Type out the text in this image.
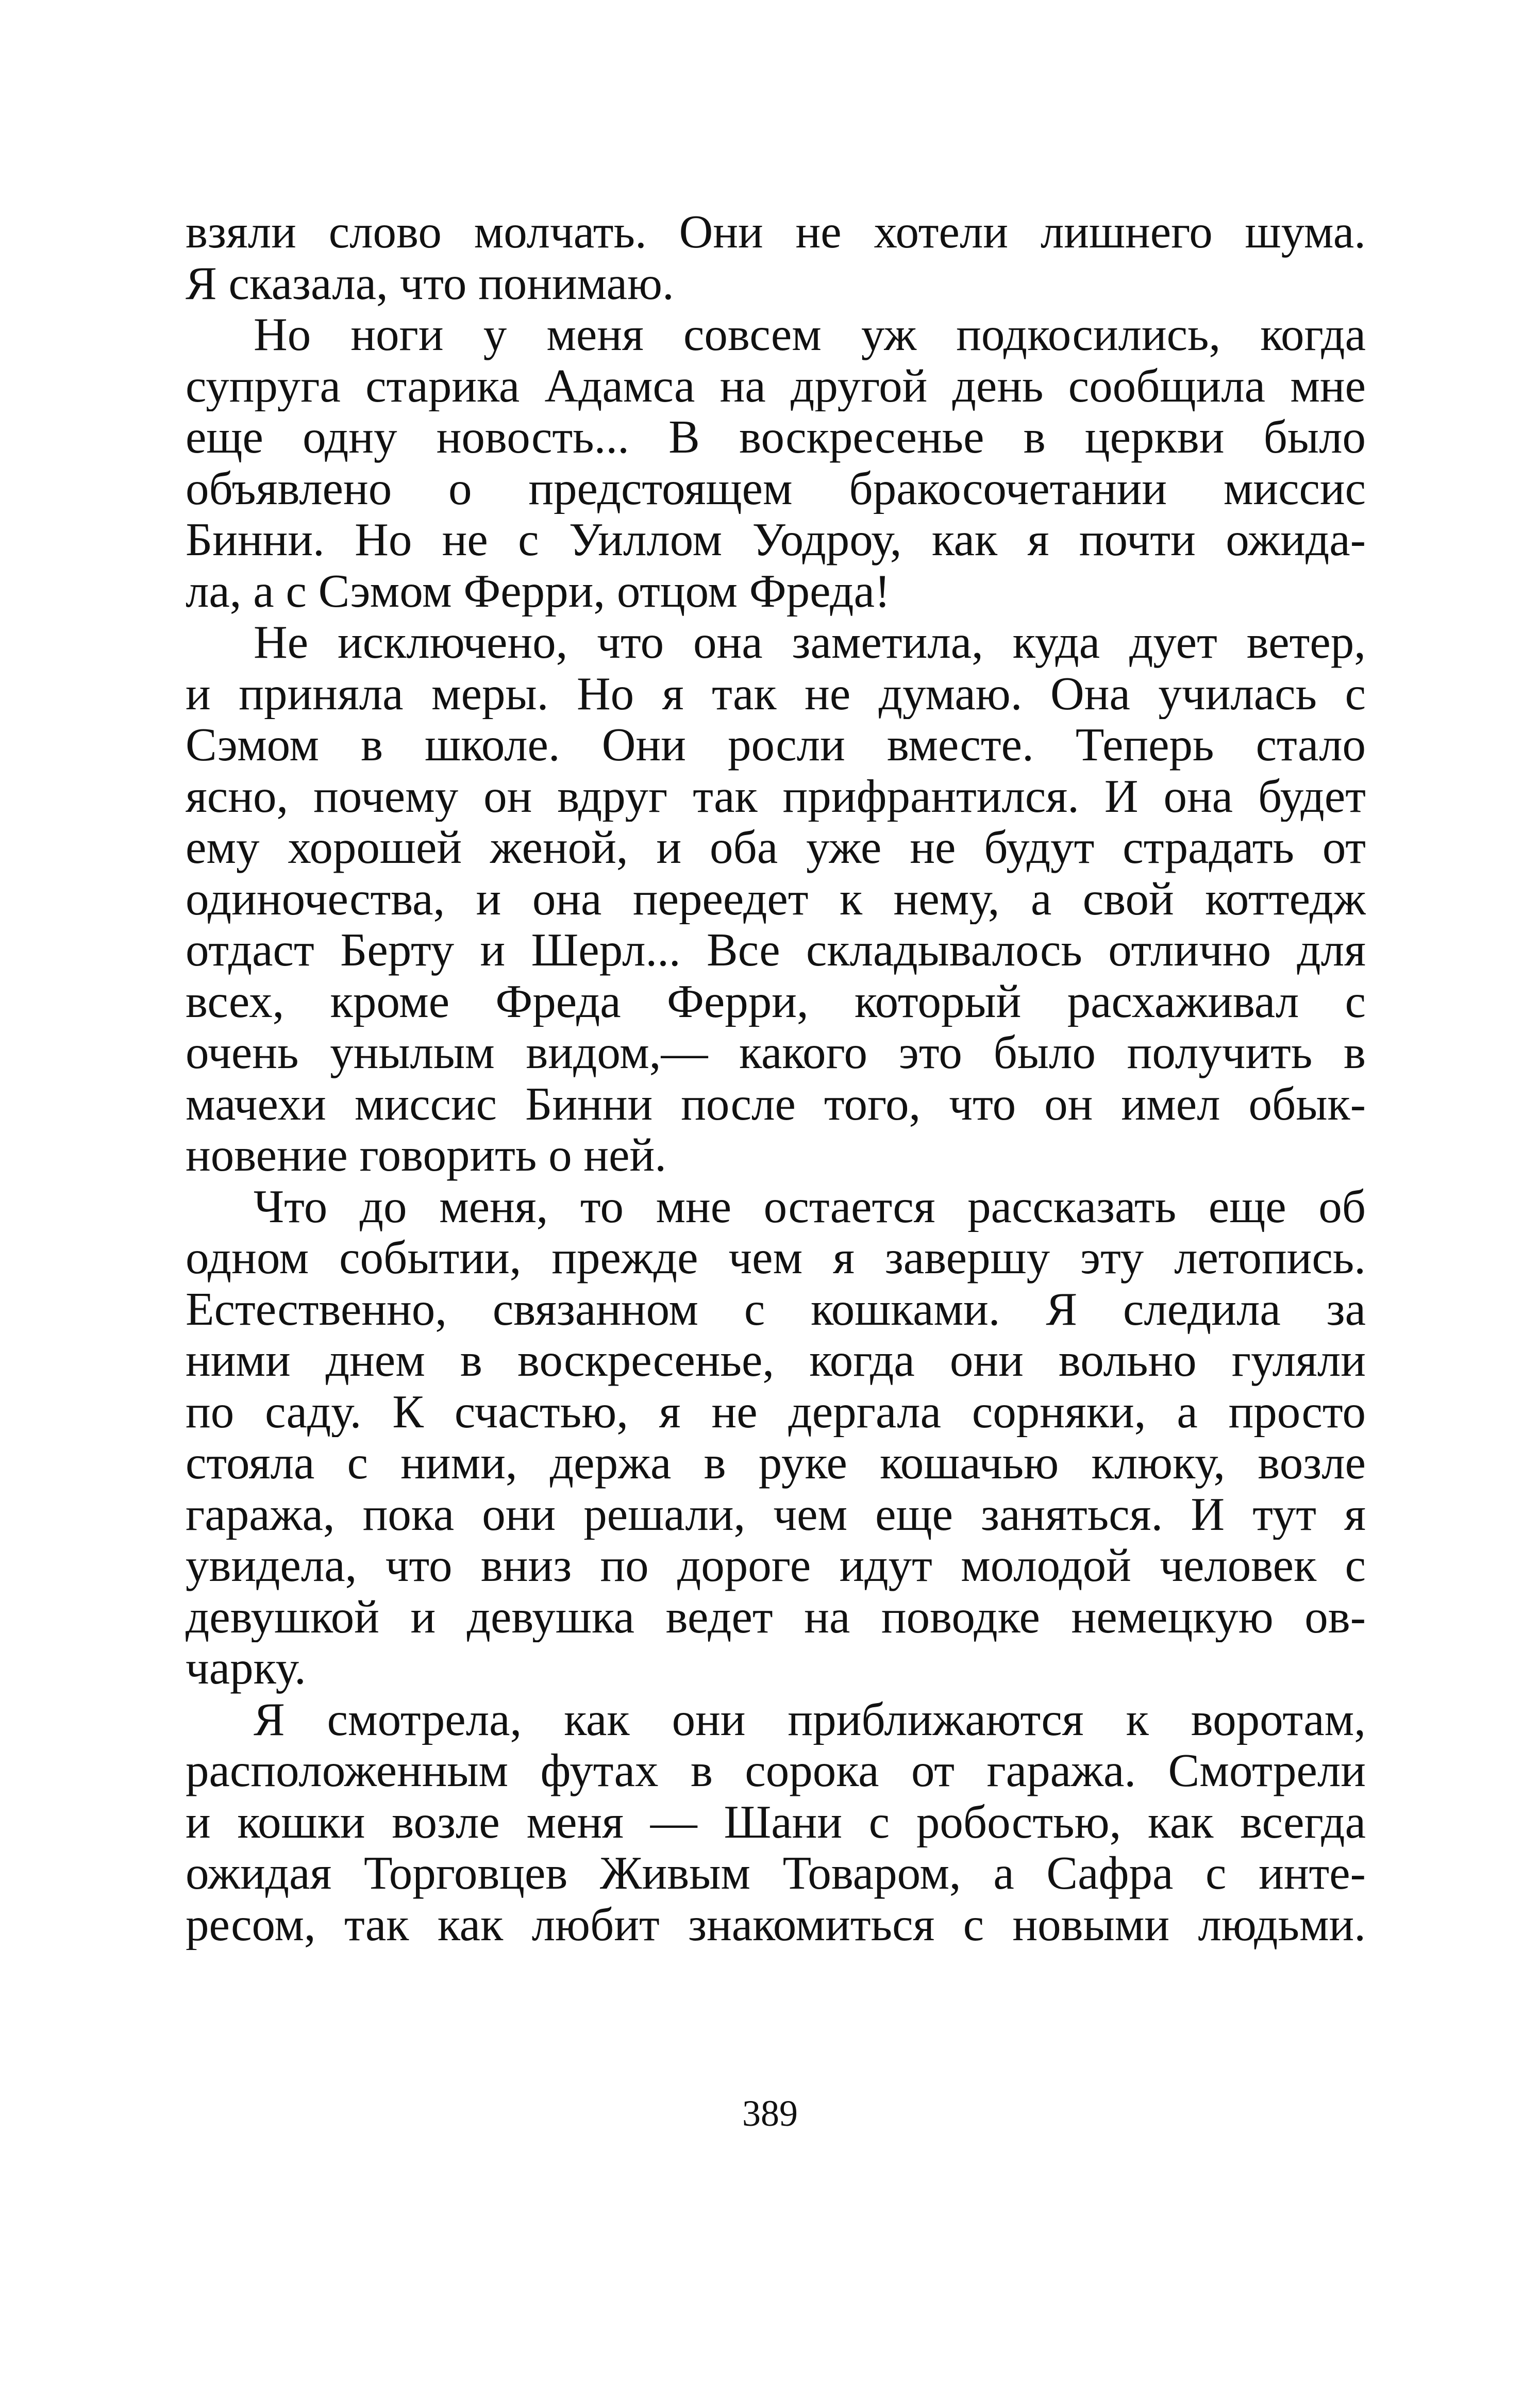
взяли слово молчать. Они не хотели лишнего шума.
Я сказала, что понимаю.
Но ноги у меня совсем уж подкосились, когда
супруга старика Адамса на другой день сообщила мне
еще одну новость... В воскресенье в церкви было
объявлено о предстоящем бракосочетании миссис
Бинни. Но не с Уиллом Уодроу, как я почти ожида-
ла, а с Сэмом Ферри, отцом Фреда!
Не исключено, что она заметила, куда дует ветер,
и приняла меры. Но я так не думаю. Она училась с
Сэмом в школе. Они росли вместе. Теперь стало
ясно, почему он вдруг так прифрантился. И она будет
ему хорошей женой, и оба уже не будут страдать от
одиночества, и она переедет к нему, а свой коттедж
отдаст Берту и Шерл... Все складывалось отлично для
всех, кроме Фреда Ферри, который расхаживал с
очень унылым видом,— какого это было получить в
мачехи миссис Бинни после того, что он имел обык-
новение говорить о ней.
Что до меня, то мне остается рассказать еще об
одном событии, прежде чем я завершу эту летопись.
Естественно, связанном с кошками. Я следила за
ними днем в воскресенье, когда они вольно гуляли
по саду. К счастью, я не дергала сорняки, а просто
стояла с ними, держа в руке кошачью клюку, возле
гаража, пока они решали, чем еще заняться. И тут я
увидела, что вниз по дороге идут молодой человек с
девушкой и девушка ведет на поводке немецкую ов-
чарку.
Я смотрела, как они приближаются к воротам,
расположенным футах в сорока от гаража. Смотрели
и кошки возле меня — Шани с робостью, как всегда
ожидая Торговцев Живым Товаром, а Сафра с инте-
ресом, так как любит знакомиться с новыми людьми.
389
